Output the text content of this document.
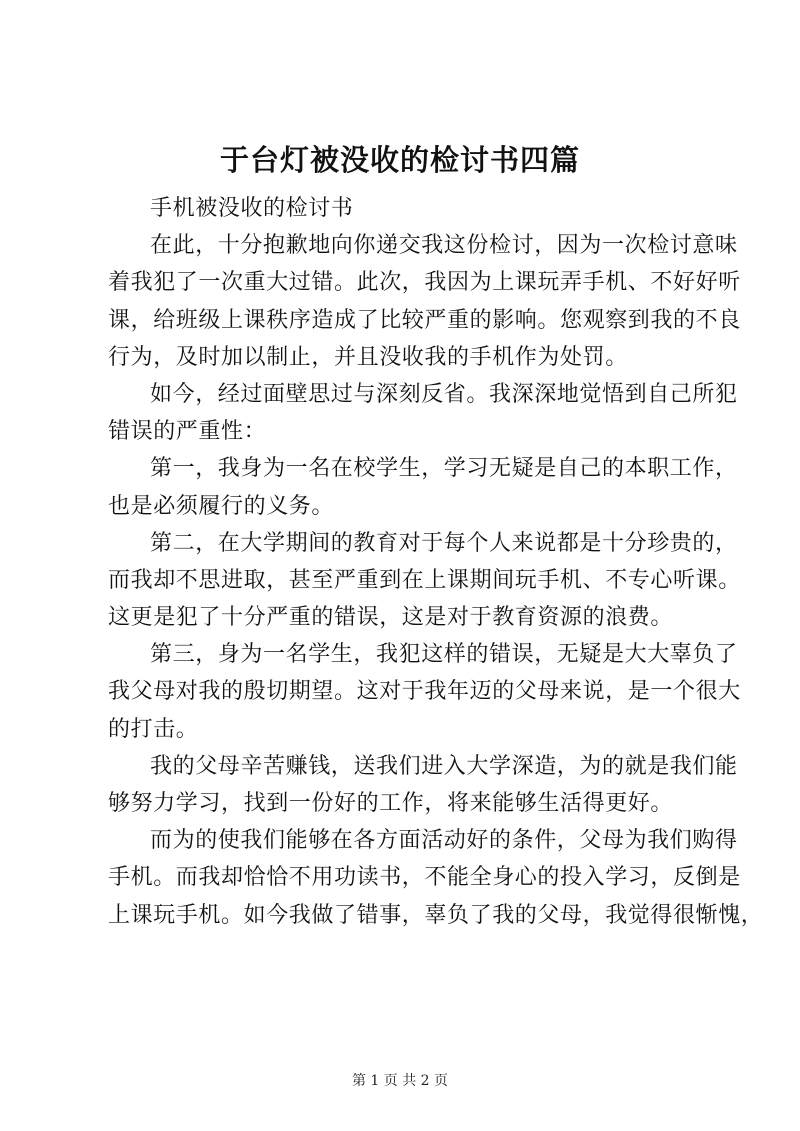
于台灯被没收的检讨书四篇
手机被没收的检讨书
在此，十分抱歉地向你递交我这份检讨，因为一次检讨意味
着我犯了一次重大过错。此次，我因为上课玩弄手机、不好好听
课，给班级上课秩序造成了比较严重的影响。您观察到我的不良
行为，及时加以制止，并且没收我的手机作为处罚。
如今，经过面壁思过与深刻反省。我深深地觉悟到自己所犯
错误的严重性：
第一，我身为一名在校学生，学习无疑是自己的本职工作，
也是必须履行的义务。
第二，在大学期间的教育对于每个人来说都是十分珍贵的，
而我却不思进取，甚至严重到在上课期间玩手机、不专心听课。
这更是犯了十分严重的错误，这是对于教育资源的浪费。
第三，身为一名学生，我犯这样的错误，无疑是大大辜负了
我父母对我的殷切期望。这对于我年迈的父母来说，是一个很大
的打击。
我的父母辛苦赚钱，送我们进入大学深造，为的就是我们能
够努力学习，找到一份好的工作，将来能够生活得更好。
而为的使我们能够在各方面活动好的条件，父母为我们购得
手机。而我却恰恰不用功读书，不能全身心的投入学习，反倒是
上课玩手机。如今我做了错事，辜负了我的父母，我觉得很惭愧，
第 1 页 共 2 页
